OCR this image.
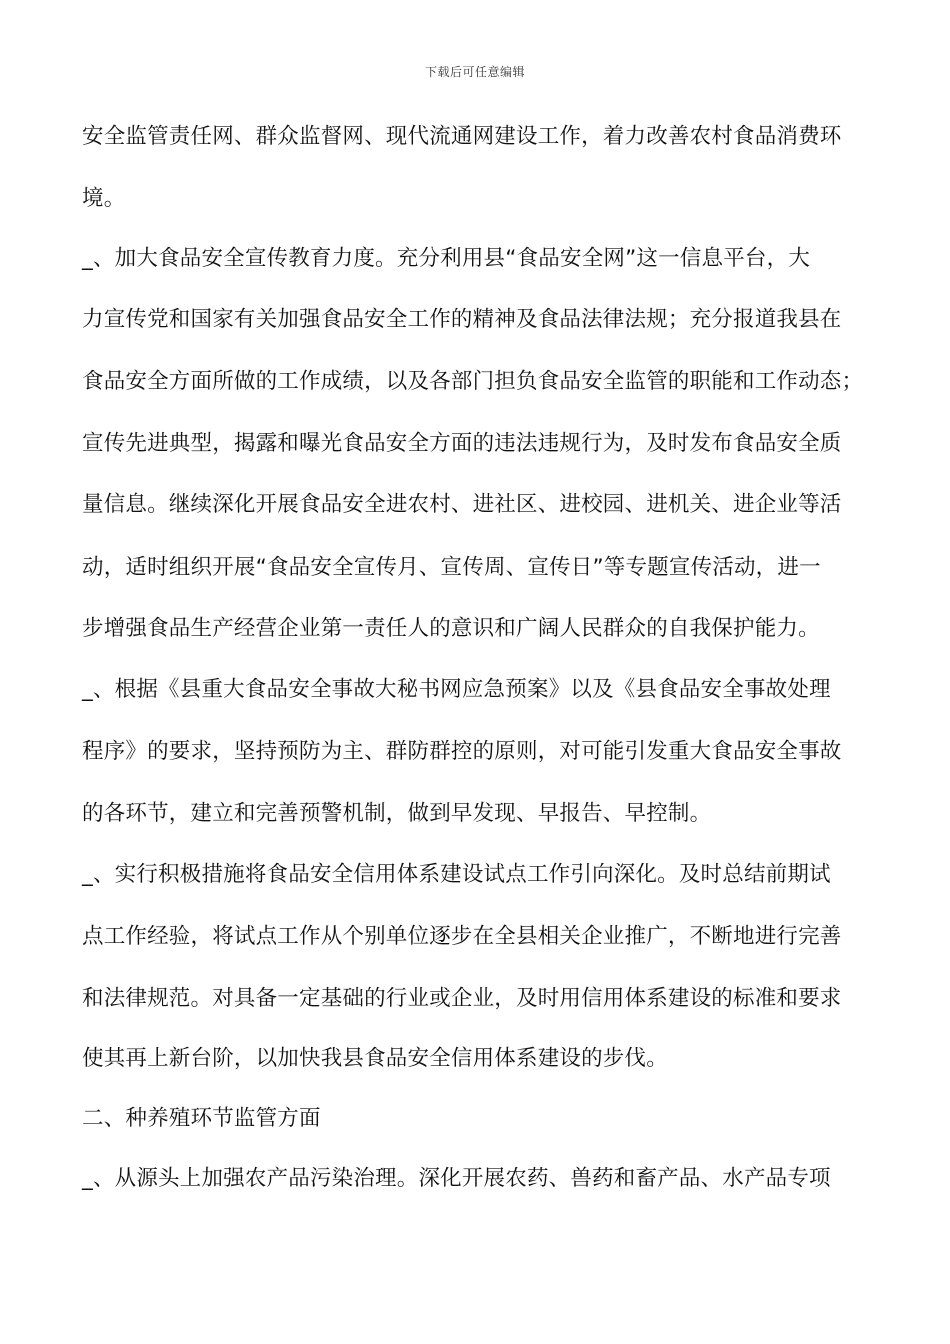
下载后可任意编辑
安全监管责任网、群众监督网、现代流通网建设工作，着力改善农村食品消费环
境。
_、加大食品安全宣传教育力度。充分利用县“食品安全网”这一信息平台，大
力宣传党和国家有关加强食品安全工作的精神及食品法律法规；充分报道我县在
食品安全方面所做的工作成绩，以及各部门担负食品安全监管的职能和工作动态；
宣传先进典型，揭露和曝光食品安全方面的违法违规行为，及时发布食品安全质
量信息。继续深化开展食品安全进农村、进社区、进校园、进机关、进企业等活
动，适时组织开展“食品安全宣传月、宣传周、宣传日”等专题宣传活动，进一
步增强食品生产经营企业第一责任人的意识和广阔人民群众的自我保护能力。
_、根据《县重大食品安全事故大秘书网应急预案》以及《县食品安全事故处理
程序》的要求，坚持预防为主、群防群控的原则，对可能引发重大食品安全事故
的各环节，建立和完善预警机制，做到早发现、早报告、早控制。
_、实行积极措施将食品安全信用体系建设试点工作引向深化。及时总结前期试
点工作经验，将试点工作从个别单位逐步在全县相关企业推广，不断地进行完善
和法律规范。对具备一定基础的行业或企业，及时用信用体系建设的标准和要求
使其再上新台阶，以加快我县食品安全信用体系建设的步伐。
二、种养殖环节监管方面
_、从源头上加强农产品污染治理。深化开展农药、兽药和畜产品、水产品专项
